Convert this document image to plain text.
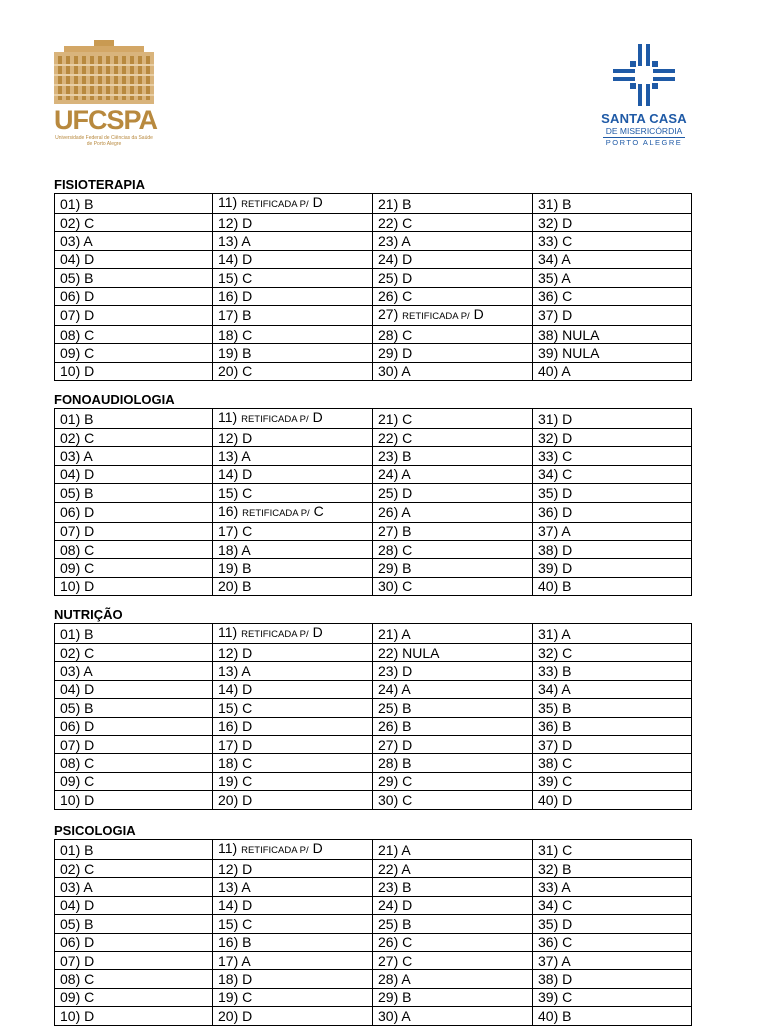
UFCSPA
Universidade Federal de Ciências da Saúde
de Porto Alegre
SANTA CASA
DE MISERICÓRDIA
PORTO ALEGRE
FISIOTERAPIA
01) B	11) RETIFICADA P/ D	21) B	31) B
02) C	12) D	22) C	32) D
03) A	13) A	23) A	33) C
04) D	14) D	24) D	34) A
05) B	15) C	25) D	35) A
06) D	16) D	26) C	36) C
07) D	17) B	27) RETIFICADA P/ D	37) D
08) C	18) C	28) C	38) NULA
09) C	19) B	29) D	39) NULA
10) D	20) C	30) A	40) A
FONOAUDIOLOGIA
01) B	11) RETIFICADA P/ D	21) C	31) D
02) C	12) D	22) C	32) D
03) A	13) A	23) B	33) C
04) D	14) D	24) A	34) C
05) B	15) C	25) D	35) D
06) D	16) RETIFICADA P/ C	26) A	36) D
07) D	17) C	27) B	37) A
08) C	18) A	28) C	38) D
09) C	19) B	29) B	39) D
10) D	20) B	30) C	40) B
NUTRIÇÃO
01) B	11) RETIFICADA P/ D	21) A	31) A
02) C	12) D	22) NULA	32) C
03) A	13) A	23) D	33) B
04) D	14) D	24) A	34) A
05) B	15) C	25) B	35) B
06) D	16) D	26) B	36) B
07) D	17) D	27) D	37) D
08) C	18) C	28) B	38) C
09) C	19) C	29) C	39) C
10) D	20) D	30) C	40) D
PSICOLOGIA
01) B	11) RETIFICADA P/ D	21) A	31) C
02) C	12) D	22) A	32) B
03) A	13) A	23) B	33) A
04) D	14) D	24) D	34) C
05) B	15) C	25) B	35) D
06) D	16) B	26) C	36) C
07) D	17) A	27) C	37) A
08) C	18) D	28) A	38) D
09) C	19) C	29) B	39) C
10) D	20) D	30) A	40) B
